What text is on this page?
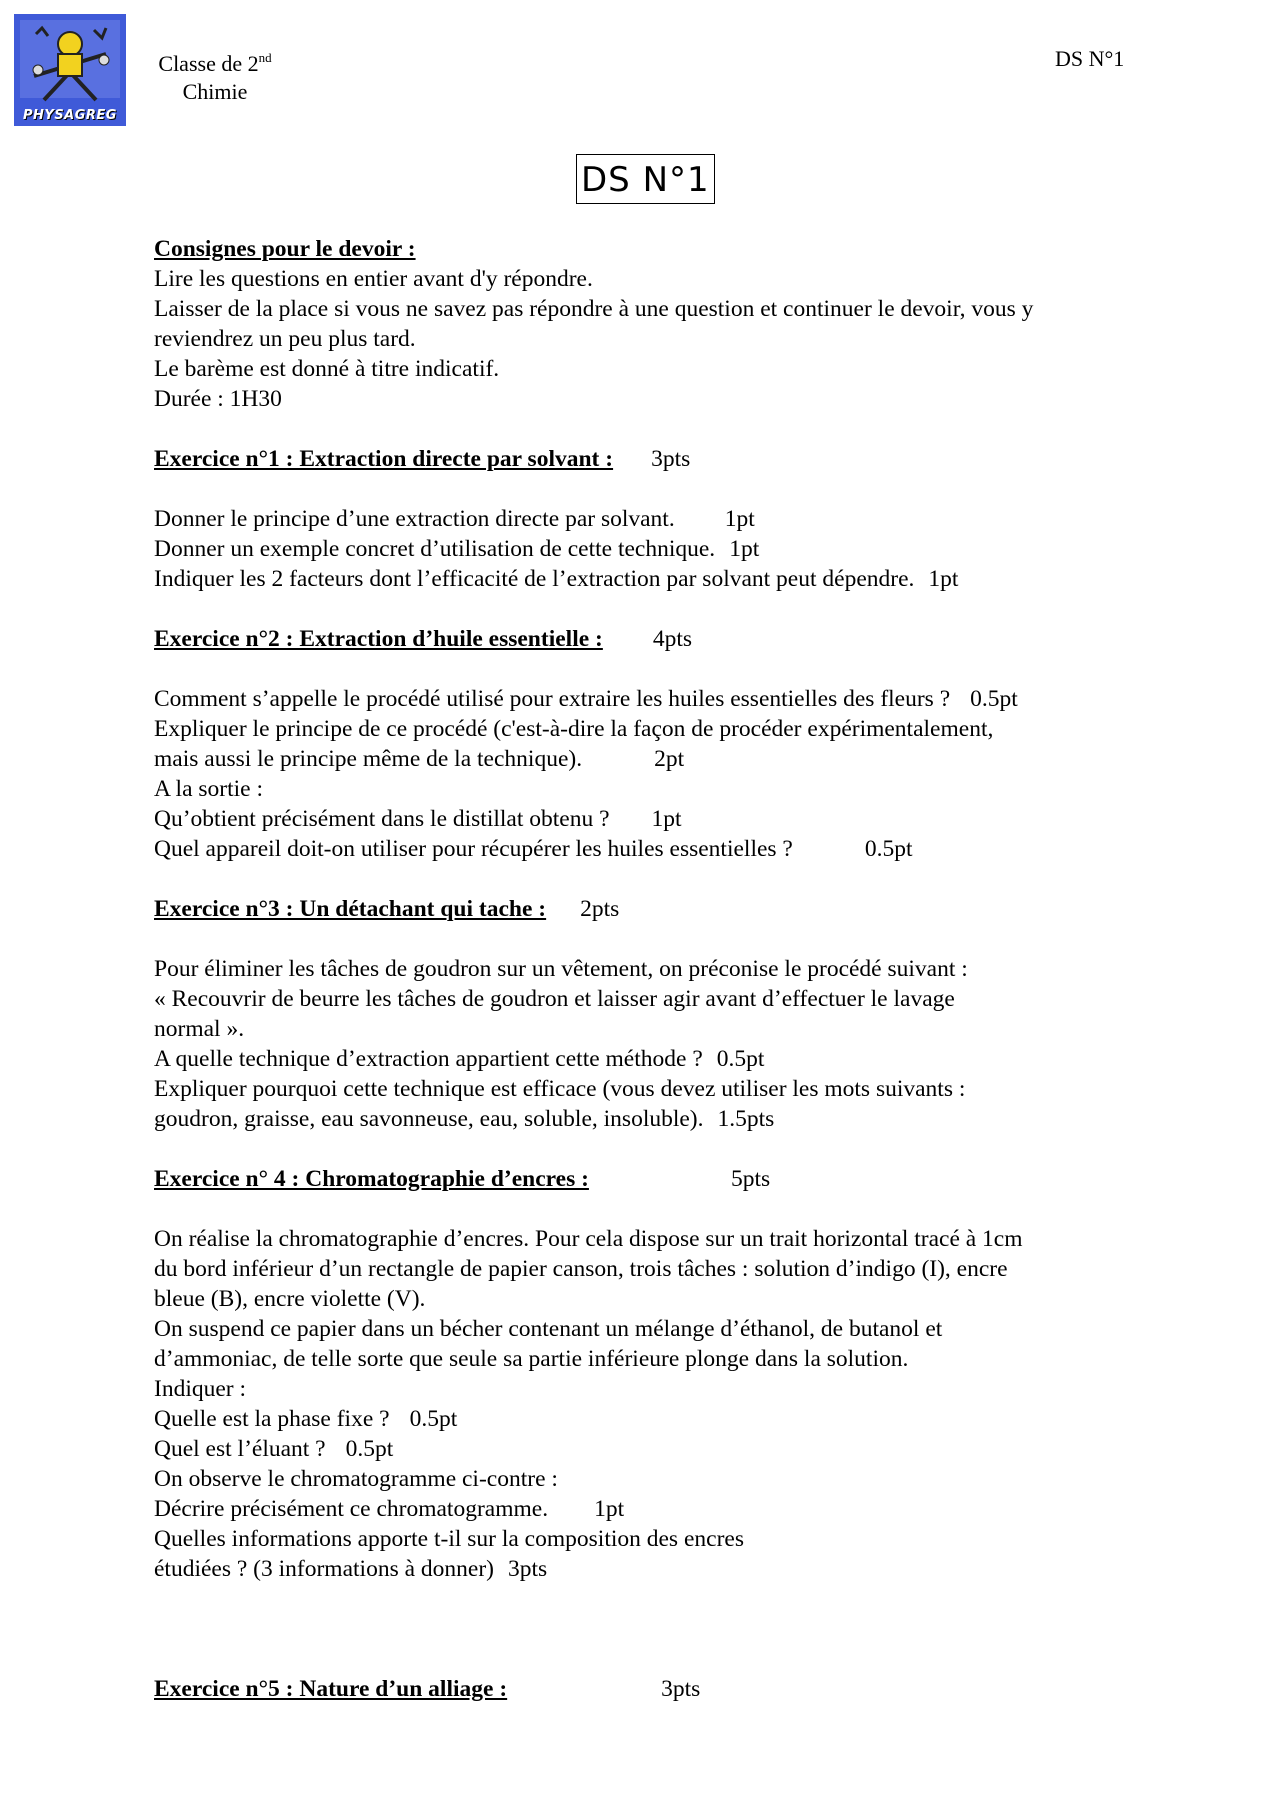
PHYSAGREG
Classe de 2nd
Chimie
DS N°1
DS N°1
Consignes pour le devoir :
Lire les questions en entier avant d'y répondre.
Laisser de la place si vous ne savez pas répondre à une question et continuer le devoir, vous y
reviendrez un peu plus tard.
Le barème est donné à titre indicatif.
Durée : 1H30
Exercice n°1 : Extraction directe par solvant : 3pts
Donner le principe d’une extraction directe par solvant. 1pt
Donner un exemple concret d’utilisation de cette technique. 1pt
Indiquer les 2 facteurs dont l’efficacité de l’extraction par solvant peut dépendre. 1pt
Exercice n°2 : Extraction d’huile essentielle : 4pts
Comment s’appelle le procédé utilisé pour extraire les huiles essentielles des fleurs ? 0.5pt
Expliquer le principe de ce procédé (c'est-à-dire la façon de procéder expérimentalement,
mais aussi le principe même de la technique).	2pt
A la sortie :
Qu’obtient précisément dans le distillat obtenu ? 1pt
Quel appareil doit-on utiliser pour récupérer les huiles essentielles ?	0.5pt
Exercice n°3 : Un détachant qui tache : 2pts
Pour éliminer les tâches de goudron sur un vêtement, on préconise le procédé suivant :
« Recouvrir de beurre les tâches de goudron et laisser agir avant d’effectuer le lavage
normal ».
A quelle technique d’extraction appartient cette méthode ? 0.5pt
Expliquer pourquoi cette technique est efficace (vous devez utiliser les mots suivants :
goudron, graisse, eau savonneuse, eau, soluble, insoluble). 1.5pts
Exercice n° 4 : Chromatographie d’encres :	5pts
On réalise la chromatographie d’encres. Pour cela dispose sur un trait horizontal tracé à 1cm
du bord inférieur d’un rectangle de papier canson, trois tâches : solution d’indigo (I), encre
bleue (B), encre violette (V).
On suspend ce papier dans un bécher contenant un mélange d’éthanol, de butanol et
d’ammoniac, de telle sorte que seule sa partie inférieure plonge dans la solution.
Indiquer :
Quelle est la phase fixe ? 0.5pt
Quel est l’éluant ? 0.5pt
On observe le chromatogramme ci-contre :
Décrire précisément ce chromatogramme. 1pt
Quelles informations apporte t-il sur la composition des encres
étudiées ? (3 informations à donner) 3pts
Exercice n°5 : Nature d’un alliage :	3pts
